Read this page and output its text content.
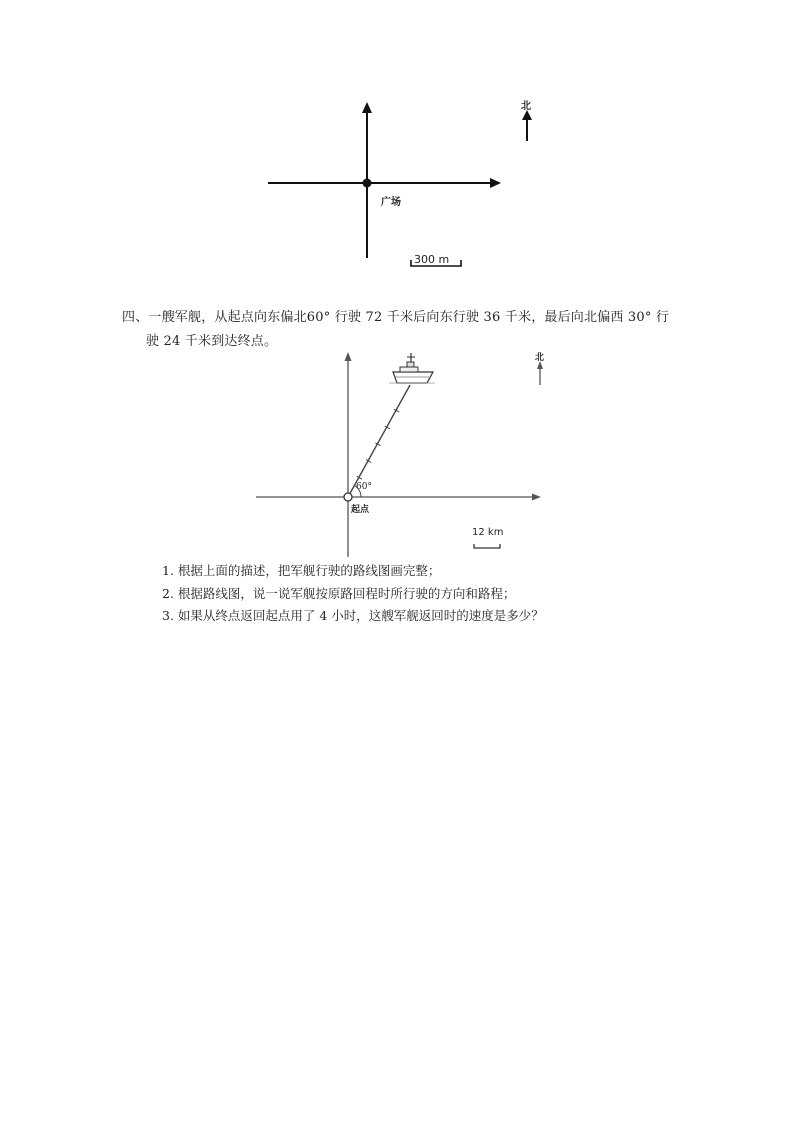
北
广场
300 m
四、一艘军舰，从起点向东偏北60° 行驶 72 千米后向东行驶 36 千米，最后向北偏西 30° 行
驶 24 千米到达终点。
北
60°
起点
12 km
1. 根据上面的描述，把军舰行驶的路线图画完整；
2. 根据路线图，说一说军舰按原路回程时所行驶的方向和路程；
3. 如果从终点返回起点用了 4 小时，这艘军舰返回时的速度是多少？
